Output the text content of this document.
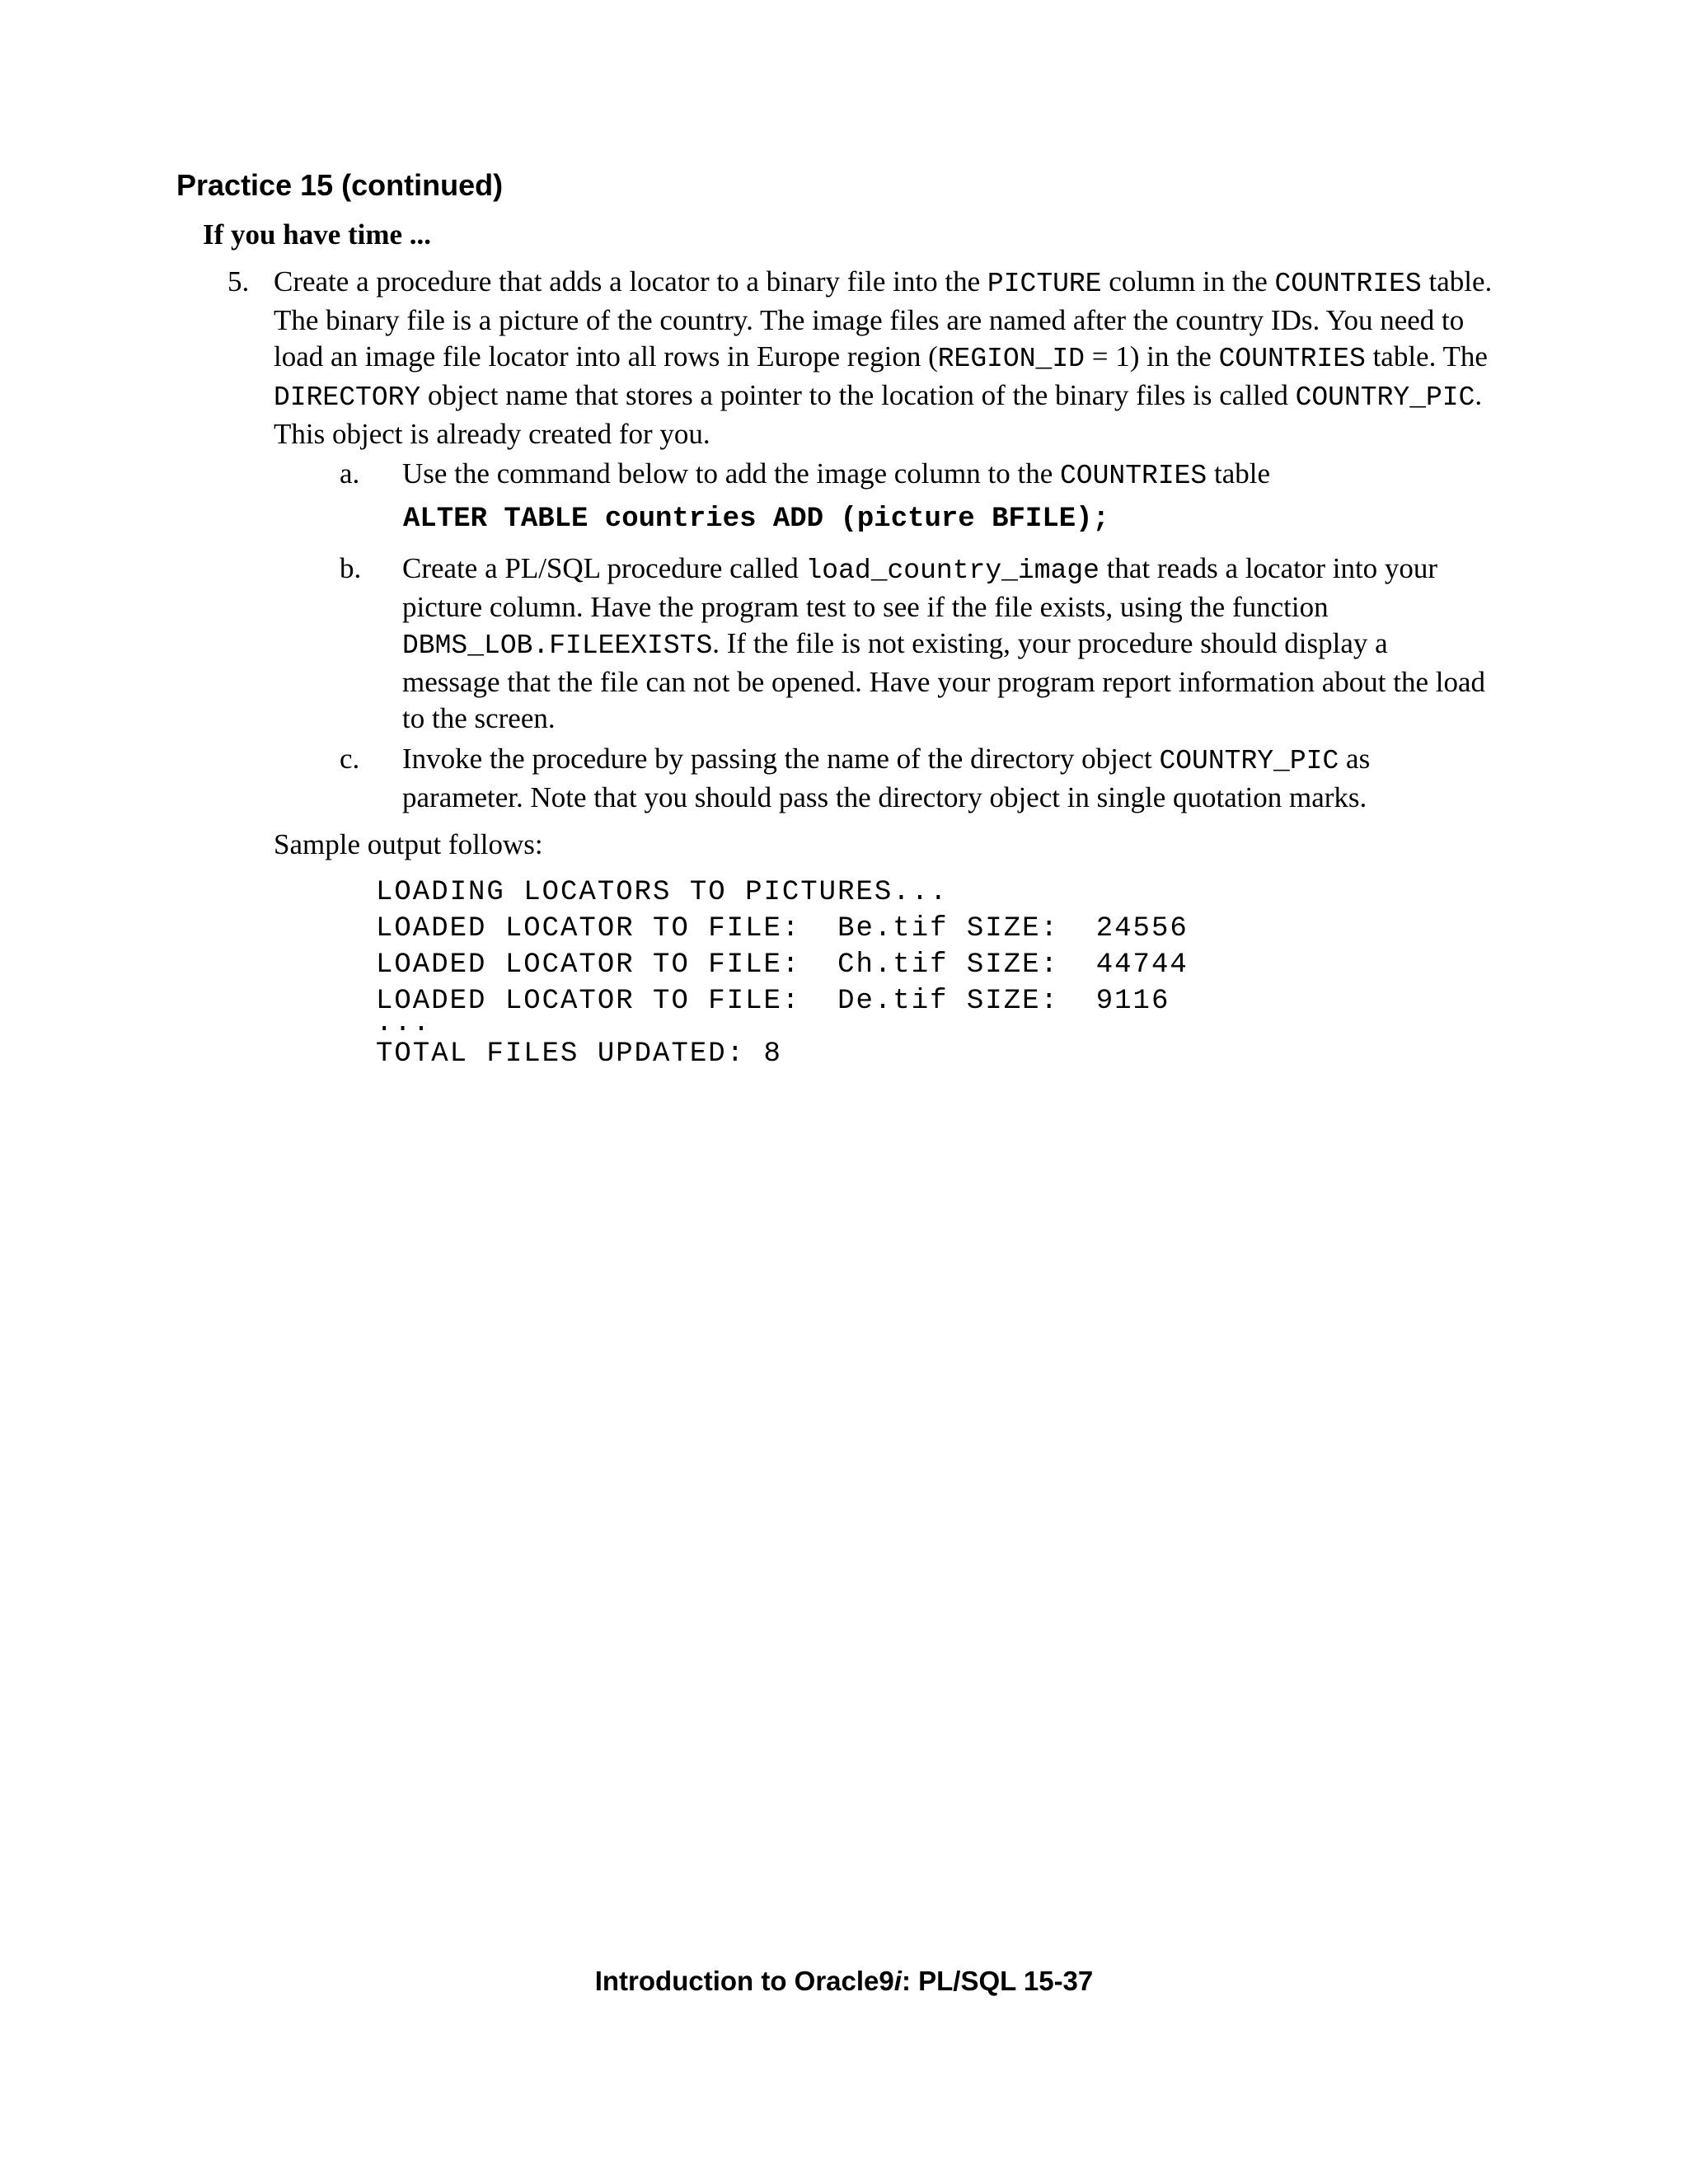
Practice 15 (continued)
If you have time ...
5. Create a procedure that adds a locator to a binary file into the PICTURE column in the COUNTRIES table. The binary file is a picture of the country. The image files are named after the country IDs. You need to load an image file locator into all rows in Europe region (REGION_ID = 1) in the COUNTRIES table. The DIRECTORY object name that stores a pointer to the location of the binary files is called COUNTRY_PIC. This object is already created for you.

a. Use the command below to add the image column to the COUNTRIES table

ALTER TABLE countries ADD (picture BFILE);
b. Create a PL/SQL procedure called load_country_image that reads a locator into your picture column. Have the program test to see if the file exists, using the function DBMS_LOB.FILEEXISTS. If the file is not existing, your procedure should display a message that the file can not be opened. Have your program report information about the load to the screen.

c. Invoke the procedure by passing the name of the directory object COUNTRY_PIC as parameter. Note that you should pass the directory object in single quotation marks.

Sample output follows:
LOADING LOCATORS TO PICTURES...
LOADED LOCATOR TO FILE:  Be.tif SIZE:  24556
LOADED LOCATOR TO FILE:  Ch.tif SIZE:  44744
LOADED LOCATOR TO FILE:  De.tif SIZE:  9116
...
TOTAL FILES UPDATED: 8
Introduction to Oracle9i: PL/SQL 15-37
